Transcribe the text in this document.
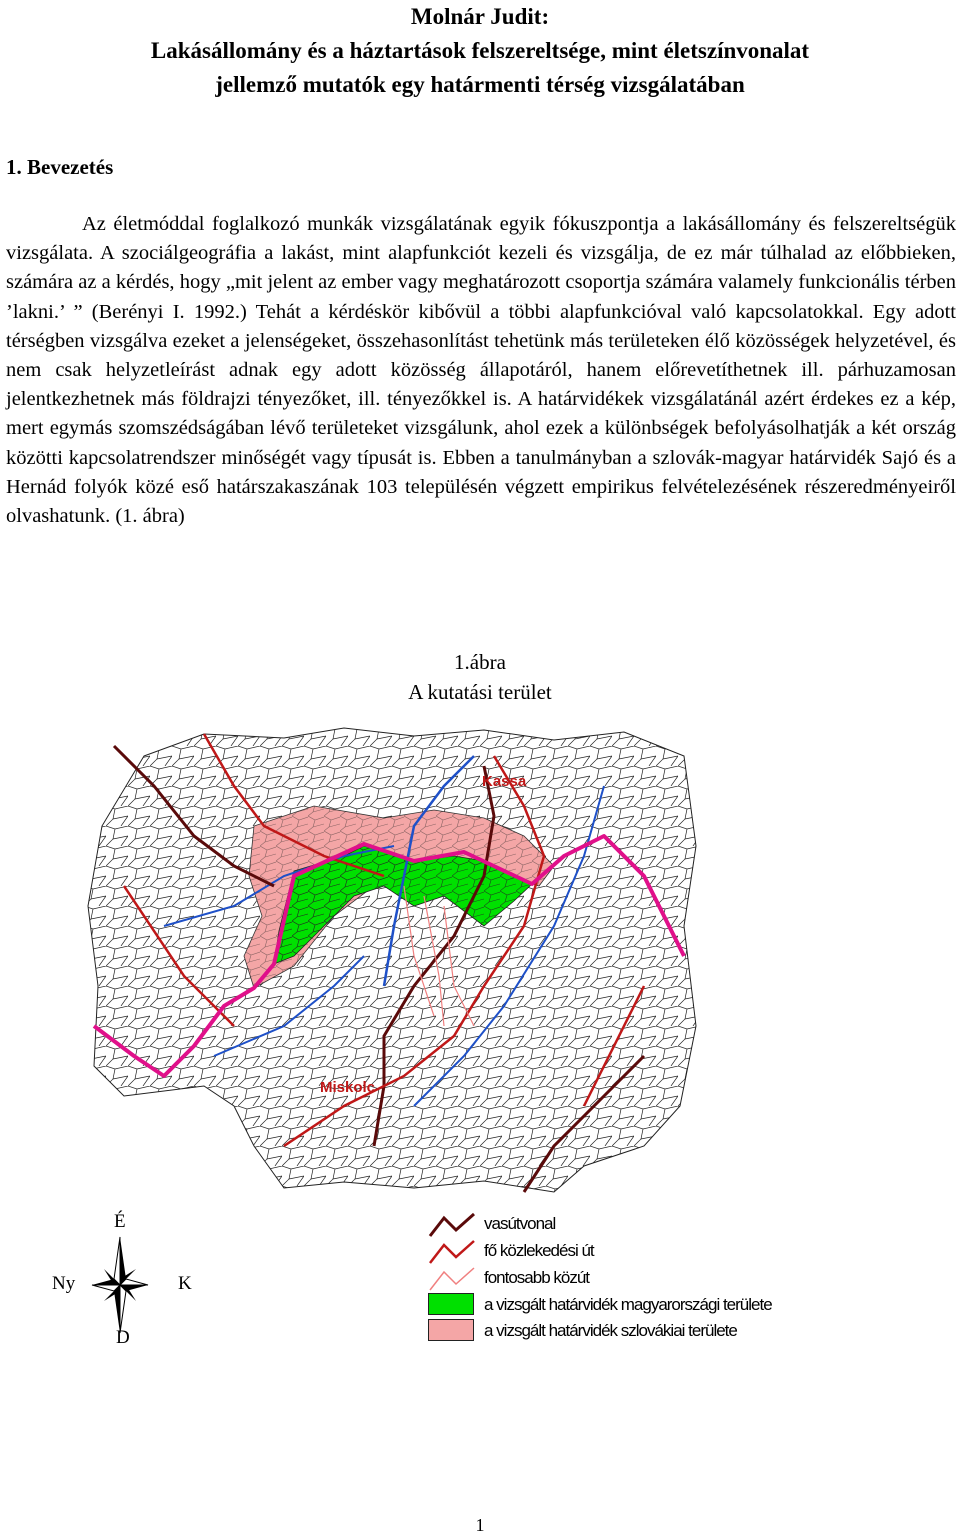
Molnár Judit:
Lakásállomány és a háztartások felszereltsége, mint életszínvonalat
jellemző mutatók egy határmenti térség vizsgálatában
1. Bevezetés

Az életmóddal foglalkozó munkák vizsgálatának egyik fókuszpontja a lakásállomány és felszereltségük vizsgálata. A szociálgeográfia a lakást, mint alapfunkciót kezeli és vizsgálja, de ez már túlhalad az előbbieken, számára az a kérdés, hogy „mit jelent az ember vagy meghatározott csoportja számára valamely funkcionális térben ’lakni.’ ” (Berényi I. 1992.) Tehát a kérdéskör kibővül a többi alapfunkcióval való kapcsolatokkal. Egy adott térségben vizsgálva ezeket a jelenségeket, összehasonlítást tehetünk más területeken élő közösségek helyzetével, és nem csak helyzetleírást adnak egy adott közösség állapotáról, hanem előrevetíthetnek ill. párhuzamosan jelentkezhetnek más földrajzi tényezőket, ill. tényezőkkel is. A határvidékek vizsgálatánál azért érdekes ez a kép, mert egymás szomszédságában lévő területeket vizsgálunk, ahol ezek a különbségek befolyásolhatják a két ország közötti kapcsolatrendszer minőségét vagy típusát is. Ebben a tanulmányban a szlovák-magyar határvidék Sajó és a Hernád folyók közé eső határszakaszának 103 településén végzett empirikus felvételezésének részeredményeiről olvashatunk. (1. ábra)

1.ábra
A kutatási terület
Kassa
Miskolc
É
Ny	K
D
vasútvonal
fő közlekedési út
fontosabb közút
a vizsgált határvidék magyarországi területe
a vizsgált határvidék szlovákiai területe
1
